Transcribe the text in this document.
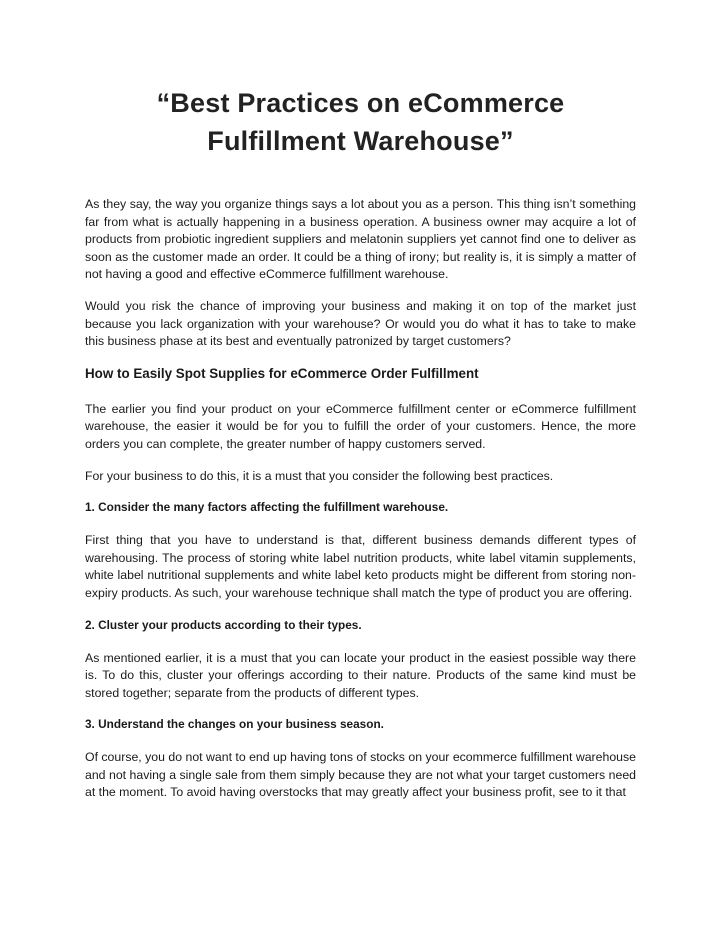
“Best Practices on eCommerce Fulfillment Warehouse”

As they say, the way you organize things says a lot about you as a person. This thing isn’t something far from what is actually happening in a business operation. A business owner may acquire a lot of products from probiotic ingredient suppliers and melatonin suppliers yet cannot find one to deliver as soon as the customer made an order. It could be a thing of irony; but reality is, it is simply a matter of not having a good and effective eCommerce fulfillment warehouse.

Would you risk the chance of improving your business and making it on top of the market just because you lack organization with your warehouse? Or would you do what it has to take to make this business phase at its best and eventually patronized by target customers?

How to Easily Spot Supplies for eCommerce Order Fulfillment

The earlier you find your product on your eCommerce fulfillment center or eCommerce fulfillment warehouse, the easier it would be for you to fulfill the order of your customers. Hence, the more orders you can complete, the greater number of happy customers served.

For your business to do this, it is a must that you consider the following best practices.

1. Consider the many factors affecting the fulfillment warehouse.

First thing that you have to understand is that, different business demands different types of warehousing. The process of storing white label nutrition products, white label vitamin supplements, white label nutritional supplements and white label keto products might be different from storing non-expiry products. As such, your warehouse technique shall match the type of product you are offering.

2. Cluster your products according to their types.

As mentioned earlier, it is a must that you can locate your product in the easiest possible way there is. To do this, cluster your offerings according to their nature. Products of the same kind must be stored together; separate from the products of different types.

3. Understand the changes on your business season.

Of course, you do not want to end up having tons of stocks on your ecommerce fulfillment warehouse and not having a single sale from them simply because they are not what your target customers need at the moment. To avoid having overstocks that may greatly affect your business profit, see to it that
